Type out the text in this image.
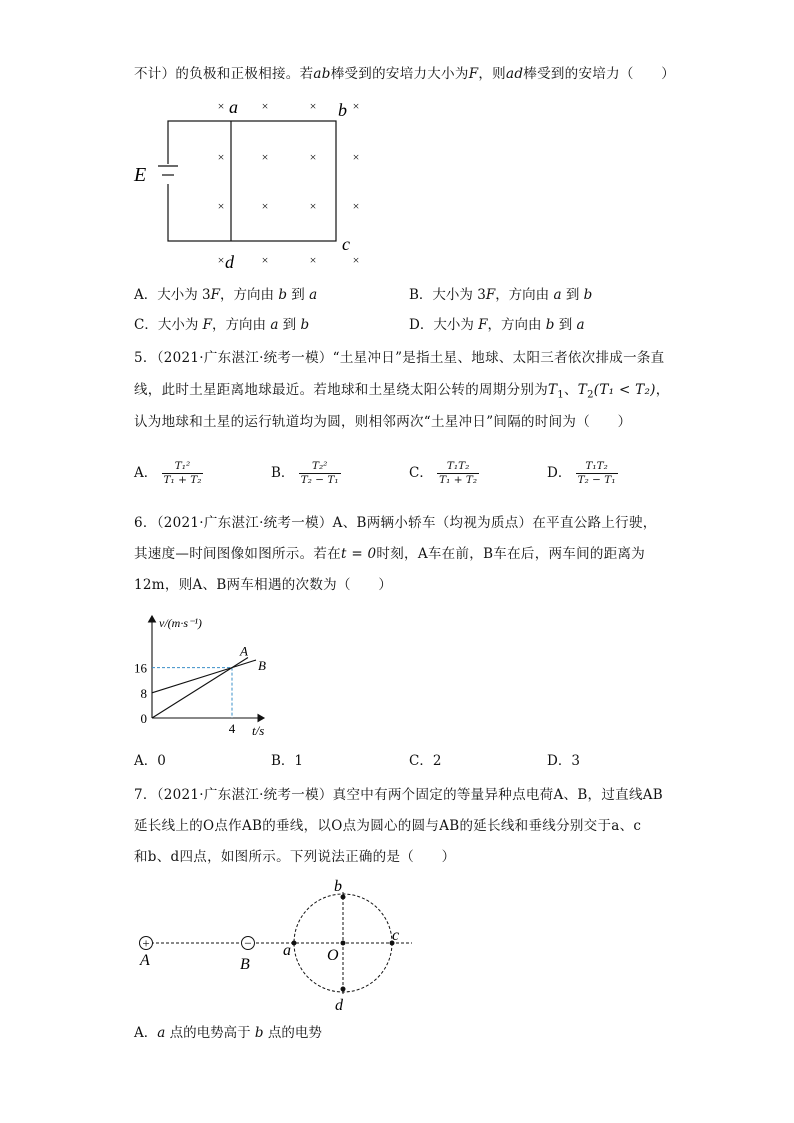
不计）的负极和正极相接。若ab棒受到的安培力大小为F，则ad棒受到的安培力（　　）
E
a	b
c
d
×	×	×	×
×	×	×	×
×	×	×	×
×	×	×	×
A．大小为 3F，方向由 b 到 a	B．大小为 3F，方向由 a 到 b
C．大小为 F，方向由 a 到 b	D．大小为 F，方向由 b 到 a
5．（2021·广东湛江·统考一模）“土星冲日”是指土星、地球、太阳三者依次排成一条直
线，此时土星距离地球最近。若地球和土星绕太阳公转的周期分别为$T_1$、$T_2(T_1 < T_2)$，
认为地球和土星的运行轨道均为圆，则相邻两次“土星冲日”间隔的时间为（　　）
A． $\frac{\text{T₁²}}{\text{T₁ + T₂}}$	B． $\frac{\text{T₂²}}{\text{T₂ − T₁}}$	C． $\frac{\text{T₁T₂}}{\text{T₁ + T₂}}$	D． $\frac{\text{T₁T₂}}{\text{T₂ − T₁}}$
6．（2021·广东湛江·统考一模）A、B两辆小轿车（均视为质点）在平直公路上行驶，
其速度—时间图像如图所示。若在t = 0时刻，A车在前，B车在后，两车间的距离为
12m，则A、B两车相遇的次数为（　　）
A
B
0
8
16
4
v/(m·s⁻¹)
t/s
A．0	B．1	C．2	D．3
7．（2021·广东湛江·统考一模）真空中有两个固定的等量异种点电荷A、B，过直线AB
延长线上的O点作AB的垂线，以O点为圆心的圆与AB的延长线和垂线分别交于a、c
和b、d四点，如图所示。下列说法正确的是（　　）
+	−
A	B
a O
b
c
d
A．a 点的电势高于 b 点的电势
